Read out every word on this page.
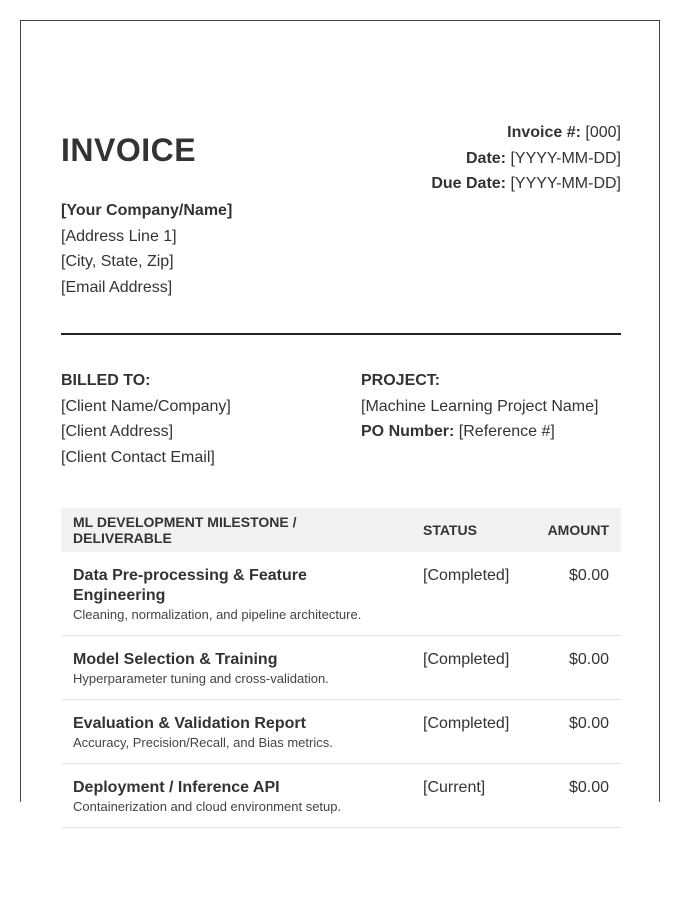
INVOICE	Invoice #: [000]
Date: [YYYY-MM-DD]
Due Date: [YYYY-MM-DD]
[Your Company/Name]
[Address Line 1]
[City, State, Zip]
[Email Address]
BILLED TO:
[Client Name/Company]
[Client Address]
[Client Contact Email]
PROJECT:
[Machine Learning Project Name]
PO Number: [Reference #]
ML DEVELOPMENT MILESTONE / DELIVERABLE	STATUS	AMOUNT

Data Pre-processing & Feature Engineering
Cleaning, normalization, and pipeline architecture.	[Completed]	$0.00

Model Selection & Training
Hyperparameter tuning and cross-validation.	[Completed]	$0.00

Evaluation & Validation Report
Accuracy, Precision/Recall, and Bias metrics.	[Completed]	$0.00

Deployment / Inference API
Containerization and cloud environment setup.	[Current]	$0.00
